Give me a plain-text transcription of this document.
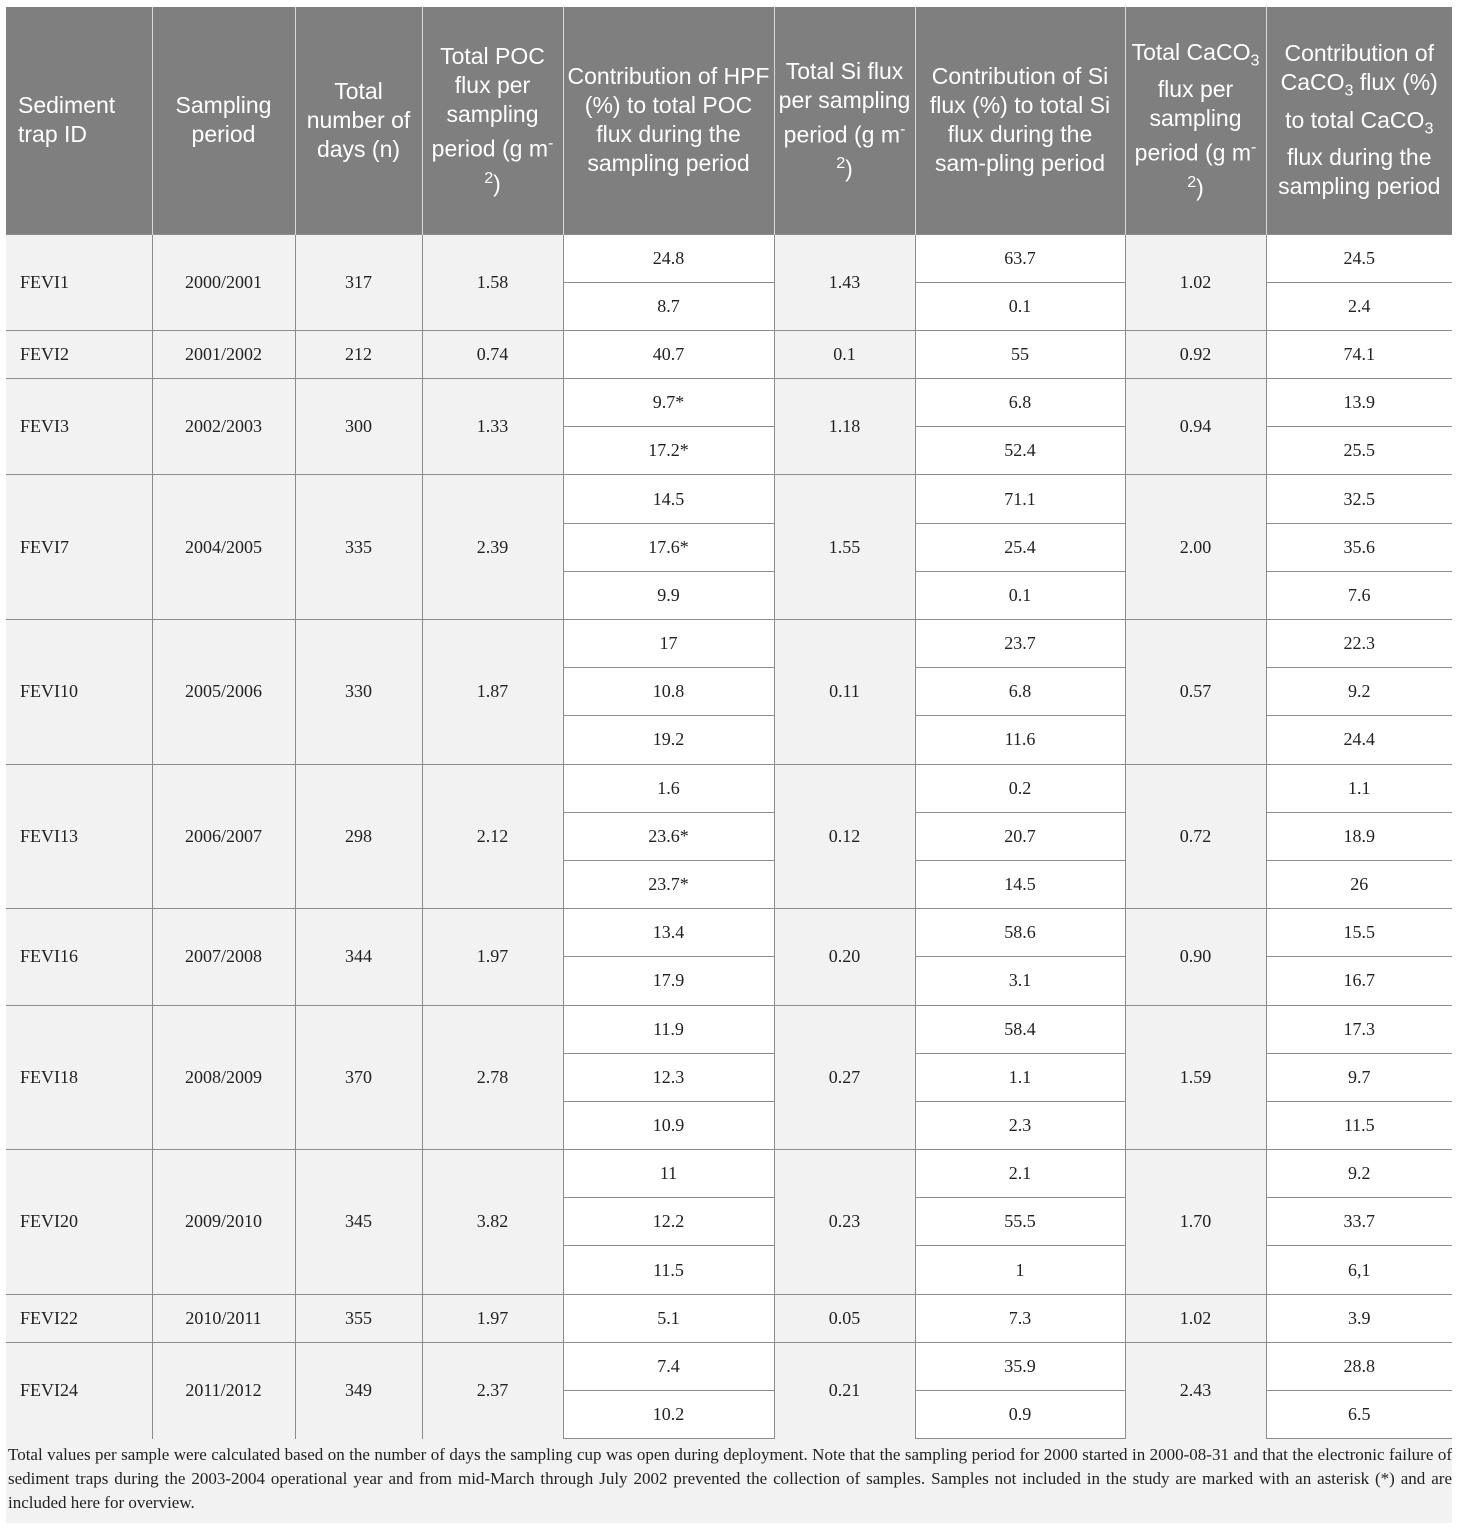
Sediment trap ID	Sampling period	Total number of days (n)	Total POC flux per sampling period (g $m^{-2}$)	Contribution of HPF (%) to total POC flux during the sampling period	Total Si flux per sampling period (g $m^{-2}$)	Contribution of Si flux (%) to total Si flux during the sam-pling period	Total CaCO$_3$ flux per sampling period (g $m^{-2}$)	Contribution of CaCO$_3$ flux (%) to total CaCO$_3$ flux during the sampling period
FEVI1	2000/2001	317	1.58	24.8	1.43	63.7	1.02	24.5
				8.7		0.1		2.4
FEVI2	2001/2002	212	0.74	40.7	0.1	55	0.92	74.1
FEVI3	2002/2003	300	1.33	9.7*	1.18	6.8	0.94	13.9
				17.2*		52.4		25.5
FEVI7	2004/2005	335	2.39	14.5	1.55	71.1	2.00	32.5
				17.6*		25.4		35.6
				9.9		0.1		7.6
FEVI10	2005/2006	330	1.87	17	0.11	23.7	0.57	22.3
				10.8		6.8		9.2
				19.2		11.6		24.4
FEVI13	2006/2007	298	2.12	1.6	0.12	0.2	0.72	1.1
				23.6*		20.7		18.9
				23.7*		14.5		26
FEVI16	2007/2008	344	1.97	13.4	0.20	58.6	0.90	15.5
				17.9		3.1		16.7
FEVI18	2008/2009	370	2.78	11.9	0.27	58.4	1.59	17.3
				12.3		1.1		9.7
				10.9		2.3		11.5
FEVI20	2009/2010	345	3.82	11	0.23	2.1	1.70	9.2
				12.2		55.5		33.7
				11.5		1		6,1
FEVI22	2010/2011	355	1.97	5.1	0.05	7.3	1.02	3.9
FEVI24	2011/2012	349	2.37	7.4	0.21	35.9	2.43	28.8
				10.2		0.9		6.5
Total values per sample were calculated based on the number of days the sampling cup was open during deployment. Note that the sampling period for 2000 started in 2000-08-31 and that the electronic failure of sediment traps during the 2003-2004 operational year and from mid-March through July 2002 prevented the collection of samples. Samples not included in the study are marked with an asterisk (*) and are included here for overview.
